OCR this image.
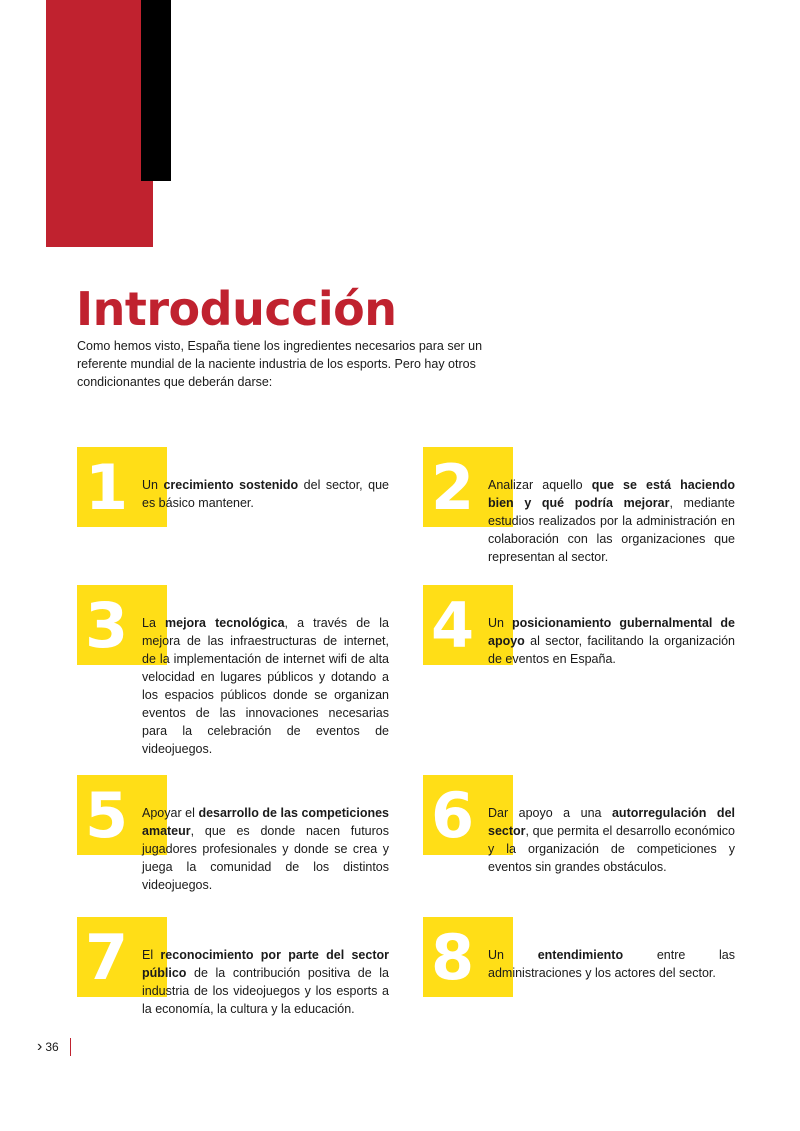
Introducción
Como hemos visto, España tiene los ingredientes necesarios para ser un referente mundial de la naciente industria de los esports. Pero hay otros condicionantes que deberán darse:
1 Un crecimiento sostenido del sector, que es básico mantener.	2 Analizar aquello que se está haciendo bien y qué podría mejorar, mediante estudios realizados por la administración en colaboración con las organizaciones que representan al sector.
3 La mejora tecnológica, a través de la mejora de las infraestructuras de internet, de la implementación de internet wifi de alta velocidad en lugares públicos y dotando a los espacios públicos donde se organizan eventos de las innovaciones necesarias para la celebración de eventos de videojuegos.
4 Un posicionamiento gubernalmental de apoyo al sector, facilitando la organización de eventos en España.
5 Apoyar el desarrollo de las competiciones amateur, que es donde nacen futuros jugadores profesionales y donde se crea y juega la comunidad de los distintos videojuegos.
6 Dar apoyo a una autorregulación del sector, que permita el desarrollo económico y la organización de competiciones y eventos sin grandes obstáculos.
7 El reconocimiento por parte del sector público de la contribución positiva de la industria de los videojuegos y los esports a la economía, la cultura y la educación.
8 Un entendimiento entre las administraciones y los actores del sector.
› 36
